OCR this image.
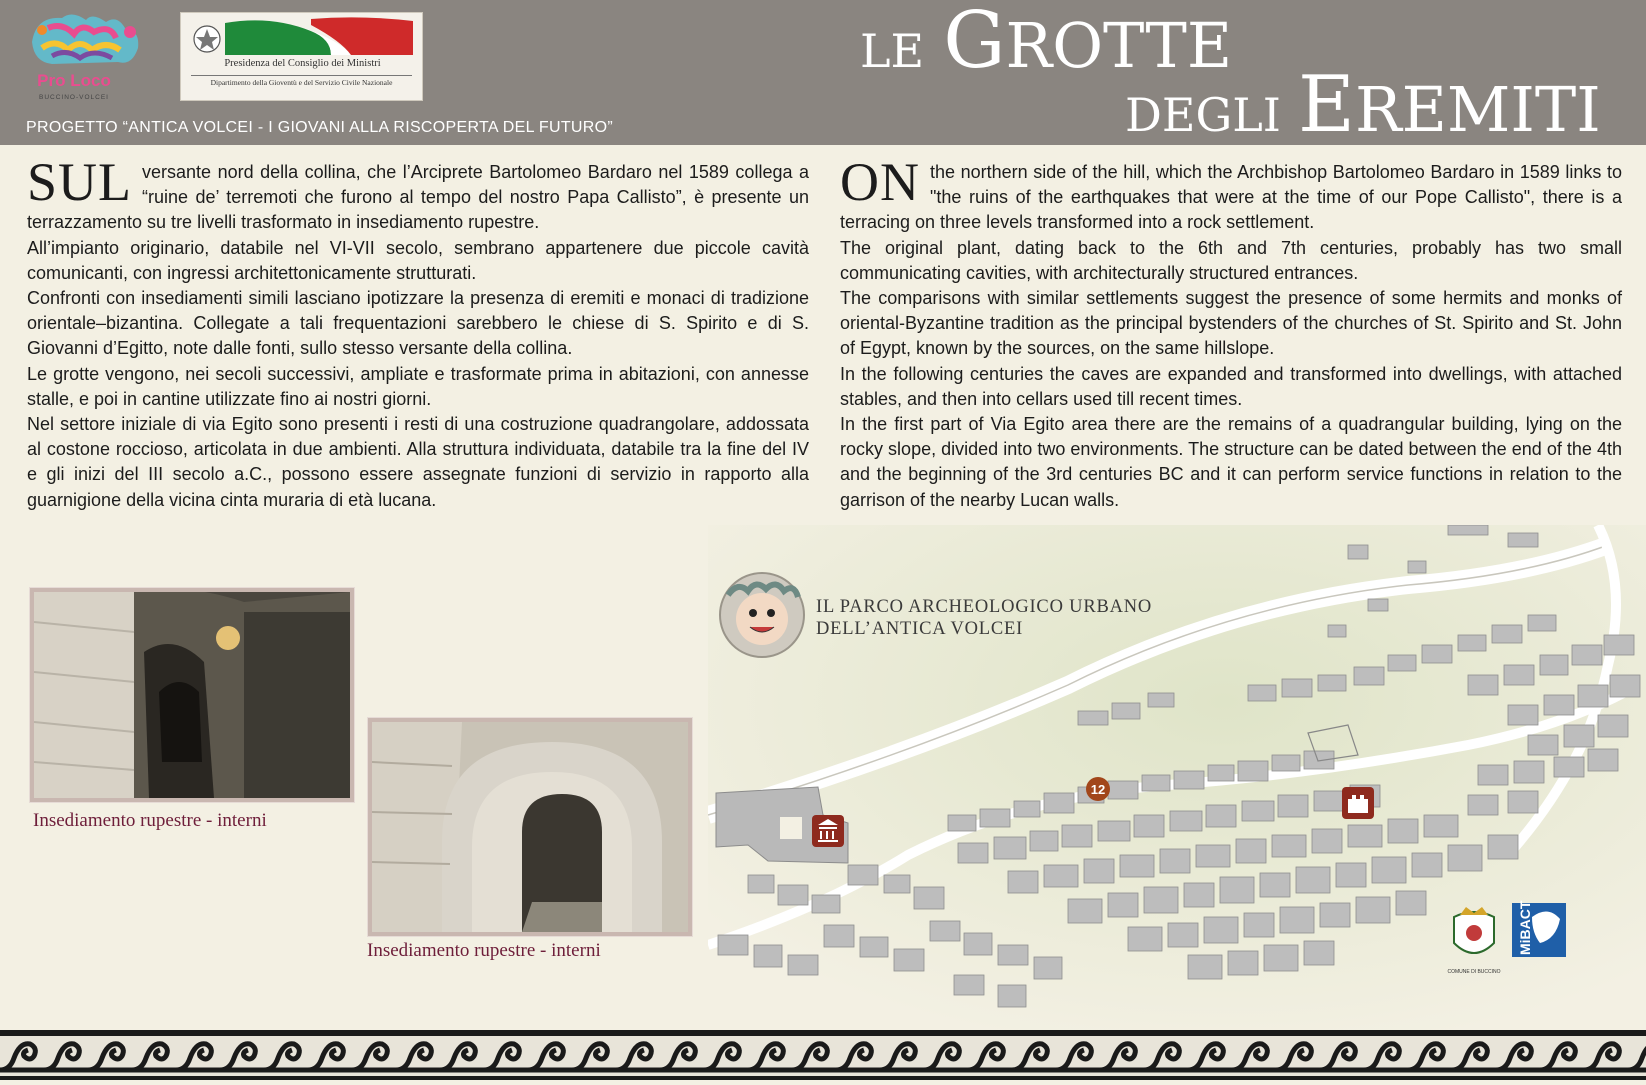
Pro Loco
BUCCINO-VOLCEI
Presidenza del Consiglio dei Ministri
Dipartimento della Gioventù e del Servizio Civile Nazionale
PROGETTO “ANTICA VOLCEI - I GIOVANI ALLA RISCOPERTA DEL FUTURO”
LE GROTTE
DEGLI EREMITI
SUL versante nord della collina, che l’Arciprete Bartolomeo Bardaro nel 1589 collega a “ruine de’ terremoti che furono al tempo del nostro Papa Callisto”, è presente un terrazzamento su tre livelli trasformato in insediamento rupestre.

All’impianto originario, databile nel VI-VII secolo, sembrano appartenere due piccole cavità comunicanti, con ingressi architettonicamente strutturati.

Confronti con insediamenti simili lasciano ipotizzare la presenza di eremiti e monaci di tradizione orientale–bizantina. Collegate a tali frequentazioni sarebbero le chiese di S. Spirito e di S. Giovanni d’Egitto, note dalle fonti, sullo stesso versante della collina.

Le grotte vengono, nei secoli successivi, ampliate e trasformate prima in abitazioni, con annesse stalle, e poi in cantine utilizzate fino ai nostri giorni.

Nel settore iniziale di via Egito sono presenti i resti di una costruzione quadrangolare, addossata al costone roccioso, articolata in due ambienti. Alla struttura individuata, databile tra la fine del IV e gli inizi del III secolo a.C., possono essere assegnate funzioni di servizio in rapporto alla guarnigione della vicina cinta muraria di età lucana.

ON the northern side of the hill, which the Archbishop Bartolomeo Bardaro in 1589 links to "the ruins of the earthquakes that were at the time of our Pope Callisto", there is a terracing on three levels transformed into a rock settlement.

The original plant, dating back to the 6th and 7th centuries, probably has two small communicating cavities, with architecturally structured entrances.

The comparisons with similar settlements suggest the presence of some hermits and monks of oriental-Byzantine tradition as the principal bystenders of the churches of St. Spirito and St. John of Egypt, known by the sources, on the same hillslope.

In the following centuries the caves are expanded and transformed into dwellings, with attached stables, and then into cellars used till recent times.

In the first part of Via Egito area there are the remains of a quadrangular building, lying on the rocky slope, divided into two environments. The structure can be dated between the end of the 4th and the beginning of the 3rd centuries BC and it can perform service functions in relation to the garrison of the nearby Lucan walls.

Insediamento rupestre - interni
Insediamento rupestre - interni
12
COMUNE DI BUCCINO
MiBACT
IL PARCO ARCHEOLOGICO URBANO
DELL’ANTICA VOLCEI
